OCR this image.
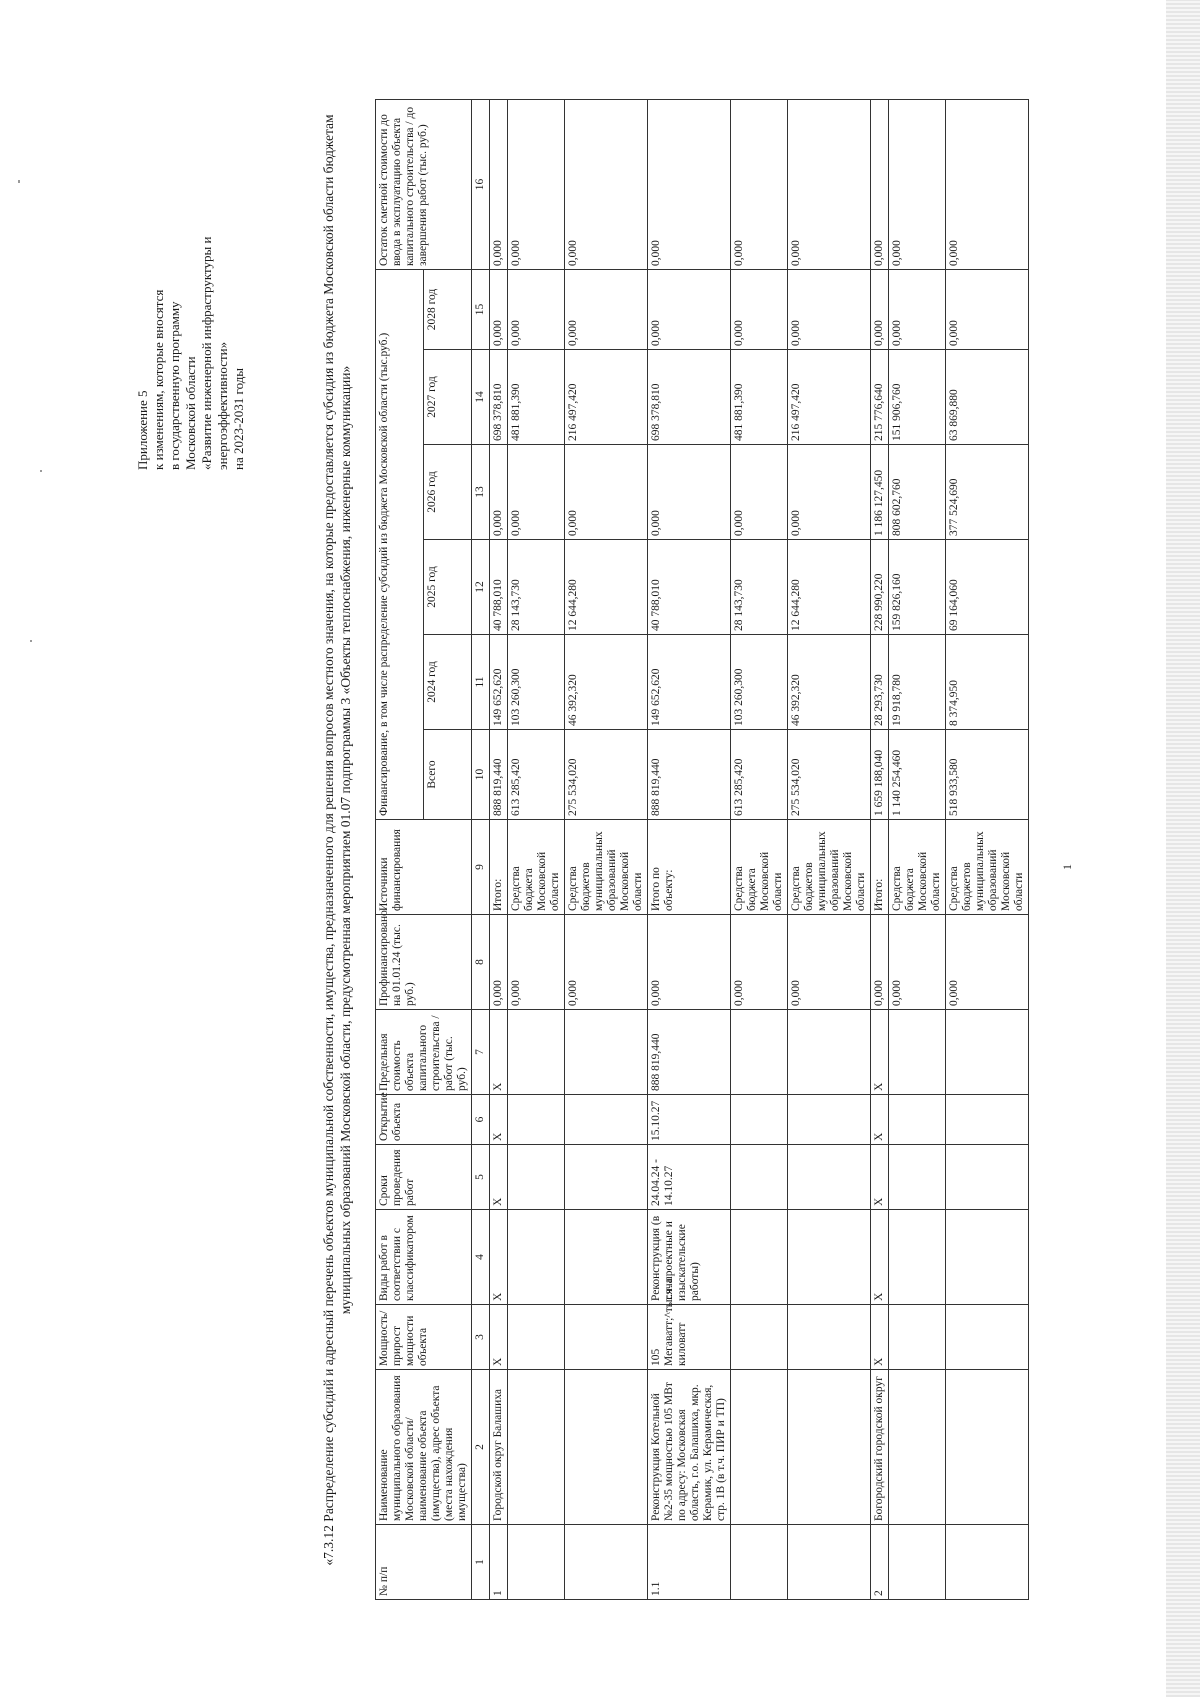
Приложение 5 к изменениям, которые вносятся в государственную программу Московской области «Развитие инженерной инфраструктуры и энергоэффективности» на 2023-2031 годы	«7.3.12 Распределение субсидий и адресный перечень объектов муниципальной собственности, имущества, предназначенного для решения вопросов местного значения, на которые предоставляется субсидия из бюджета Московской области бюджетам муниципальных образований Московской области, предусмотренная мероприятием 01.07 подпрограммы 3 «Объекты теплоснабжения, инженерные коммуникации»
№ п/п	Наименование муниципального образования Московской области/наименование объекта (имущества), адрес объекта (места нахождения имущества)	Мощность/ прирост мощности объекта	Виды работ в соответствии с классификатором	Сроки проведения работ	Открытие объекта	Предельная стоимость объекта капитального строительства / работ (тыс. руб.)	Профинансировано на 01.01.24 (тыс. руб.)	Источники финансирования	Финансирование, в том числе распределение субсидий из бюджета Московской области (тыс.руб.)						Остаток сметной стоимости до ввода в эксплуатацию объекта капитального строительства / до завершения работ (тыс. руб.)
									Всего	2024 год	2025 год	2026 год	2027 год	2028 год	
1	2	3	4	5	6	7	8	9	10	11	12	13	14	15	16
1	Городской округ Балашиха	Х	Х	Х	Х	Х	0,000	Итого:	888 819,440	149 652,620	40 788,010	0,000	698 378,810	0,000	0,000
							0,000	Средства бюджета Московской области	613 285,420	103 260,300	28 143,730	0,000	481 881,390	0,000	0,000
							0,000	Средства бюджетов муниципальных образований Московской области	275 534,020	46 392,320	12 644,280	0,000	216 497,420	0,000	0,000
1.1	Реконструкция Котельной №2-35 мощностью 105 МВт по адресу: Московская область, г.о. Балашиха, мкр. Керамик, ул. Керамическая, стр. 1В (в т.ч. ПИР и ТП)	105 Мегаватт;^тысяча киловатт	Реконструкция (в т.ч. проектные и изыскательские работы)	24.04.24 - 14.10.27	15.10.27	888 819,440	0,000	Итого по объекту:	888 819,440	149 652,620	40 788,010	0,000	698 378,810	0,000	0,000
							0,000	Средства бюджета Московской области	613 285,420	103 260,300	28 143,730	0,000	481 881,390	0,000	0,000
							0,000	Средства бюджетов муниципальных образований Московской области	275 534,020	46 392,320	12 644,280	0,000	216 497,420	0,000	0,000
2	Богородский городской округ	Х	Х	Х	Х	Х	0,000	Итого:	1 659 188,040	28 293,730	228 990,220	1 186 127,450	215 776,640	0,000	0,000
							0,000	Средства бюджета Московской области	1 140 254,460	19 918,780	159 826,160	808 602,760	151 906,760	0,000	0,000
							0,000	Средства бюджетов муниципальных образований Московской области	518 933,580	8 374,950	69 164,060	377 524,690	63 869,880	0,000	0,000
1
